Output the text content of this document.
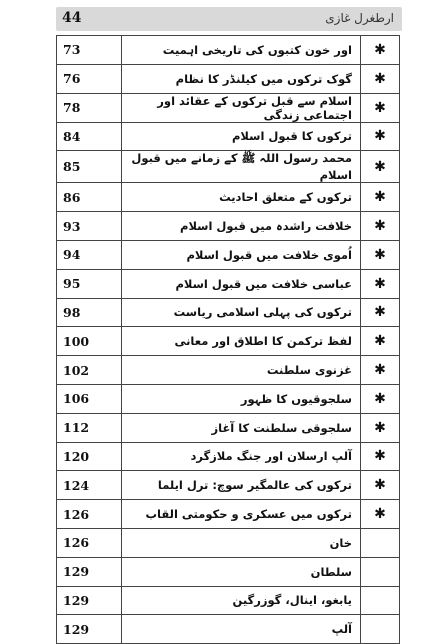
44	ارطغرل غازی
73	اور خون کتبوں کی تاریخی اہمیت	✱
76	گوک ترکوں میں کیلنڈر کا نظام	✱
78	اسلام سے قبل ترکوں کے عقائد اور اجتماعی زندگی	✱
84	ترکوں کا قبول اسلام	✱
85	محمد رسول اللہ ﷺ کے زمانے میں قبول اسلام	✱
86	ترکوں کے متعلق احادیث	✱
93	خلافت راشدہ میں قبول اسلام	✱
94	اُموی خلافت میں قبول اسلام	✱
95	عباسی خلافت میں قبول اسلام	✱
98	ترکوں کی پہلی اسلامی ریاست	✱
100	لفظ ترکمن کا اطلاق اور معانی	✱
102	غزنوی سلطنت	✱
106	سلجوقیوں کا ظہور	✱
112	سلجوقی سلطنت کا آغاز	✱
120	آلپ ارسلان اور جنگ ملازگرد	✱
124	ترکوں کی عالمگیر سوچ: ترل ایلما	✱
126	ترکوں میں عسکری و حکومتی القاب	✱
126	خان	
129	سلطان	
129	یابغو، اینال، گوزرگین	
129	آلپ	
